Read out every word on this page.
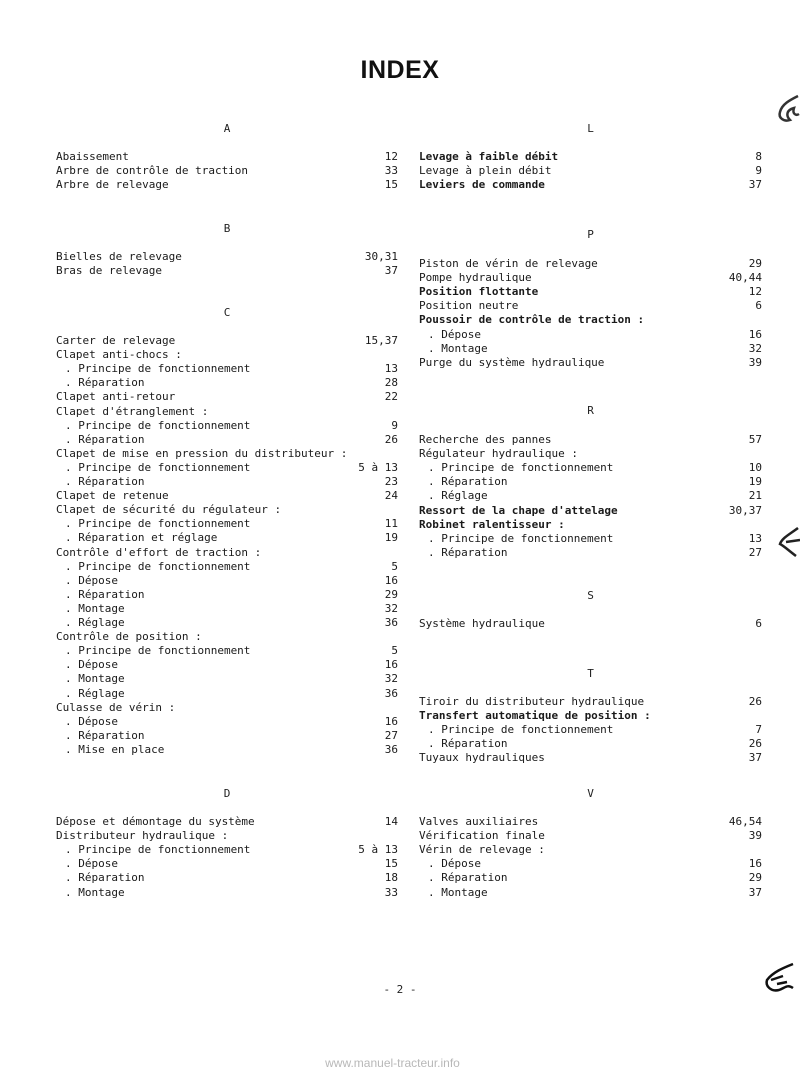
INDEX
A
Abaissement	12
Arbre de contrôle de traction	33
Arbre de relevage	15
B
Bielles de relevage	30,31
Bras de relevage	37
C
Carter de relevage	15,37
Clapet anti-chocs :
. Principe de fonctionnement	13
. Réparation	28
Clapet anti-retour	22
Clapet d'étranglement :
. Principe de fonctionnement	9
. Réparation	26
Clapet de mise en pression du distributeur :
. Principe de fonctionnement	5 à 13
. Réparation	23
Clapet de retenue	24
Clapet de sécurité du régulateur :
. Principe de fonctionnement	11
. Réparation et réglage	19
Contrôle d'effort de traction :
. Principe de fonctionnement	5
. Dépose	16
. Réparation	29
. Montage	32
. Réglage	36
Contrôle de position :
. Principe de fonctionnement	5
. Dépose	16
. Montage	32
. Réglage	36
Culasse de vérin :
. Dépose	16
. Réparation	27
. Mise en place	36
D
Dépose et démontage du système	14
Distributeur hydraulique :
. Principe de fonctionnement	5 à 13
. Dépose	15
. Réparation	18
. Montage	33
L
Levage à faible débit	8
Levage à plein débit	9
Leviers de commande	37
P
Piston de vérin de relevage	29
Pompe hydraulique	40,44
Position flottante	12
Position neutre	6
Poussoir de contrôle de traction :
. Dépose	16
. Montage	32
Purge du système hydraulique	39
R
Recherche des pannes	57
Régulateur hydraulique :
. Principe de fonctionnement	10
. Réparation	19
. Réglage	21
Ressort de la chape d'attelage	30,37
Robinet ralentisseur :
. Principe de fonctionnement	13
. Réparation	27
S
Système hydraulique	6
T
Tiroir du distributeur hydraulique	26
Transfert automatique de position :
. Principe de fonctionnement	7
. Réparation	26
Tuyaux hydrauliques	37
V
Valves auxiliaires	46,54
Vérification finale	39
Vérin de relevage :
. Dépose	16
. Réparation	29
. Montage	37
- 2 -
www.manuel-tracteur.info
